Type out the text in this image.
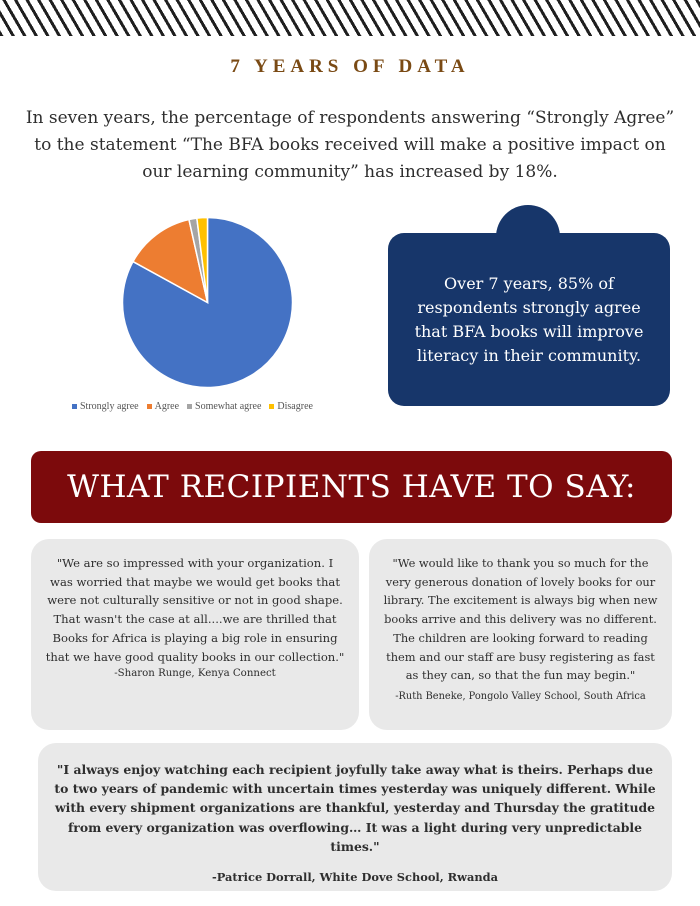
7 YEARS OF DATA
In seven years, the percentage of respondents answering “Strongly Agree” to the statement “The BFA books received will make a positive impact on our learning community” has increased by 18%.
Strongly agree Agree Somewhat agree Disagree
Over 7 years, 85% of respondents strongly agree that BFA books will improve literacy in their community.
WHAT RECIPIENTS HAVE TO SAY:

"We are so impressed with your organization. I was worried that maybe we would get books that were not culturally sensitive or not in good shape. That wasn't the case at all....we are thrilled that Books for Africa is playing a big role in ensuring that we have good quality books in our collection."

-Sharon Runge, Kenya Connect

"We would like to thank you so much for the very generous donation of lovely books for our library. The excitement is always big when new books arrive and this delivery was no different. The children are looking forward to reading them and our staff are busy registering as fast as they can, so that the fun may begin."

-Ruth Beneke, Pongolo Valley School, South Africa

"I always enjoy watching each recipient joyfully take away what is theirs. Perhaps due to two years of pandemic with uncertain times yesterday was uniquely different. While with every shipment organizations are thankful, yesterday and Thursday the gratitude from every organization was overflowing… It was a light during very unpredictable times."

-Patrice Dorrall, White Dove School, Rwanda
